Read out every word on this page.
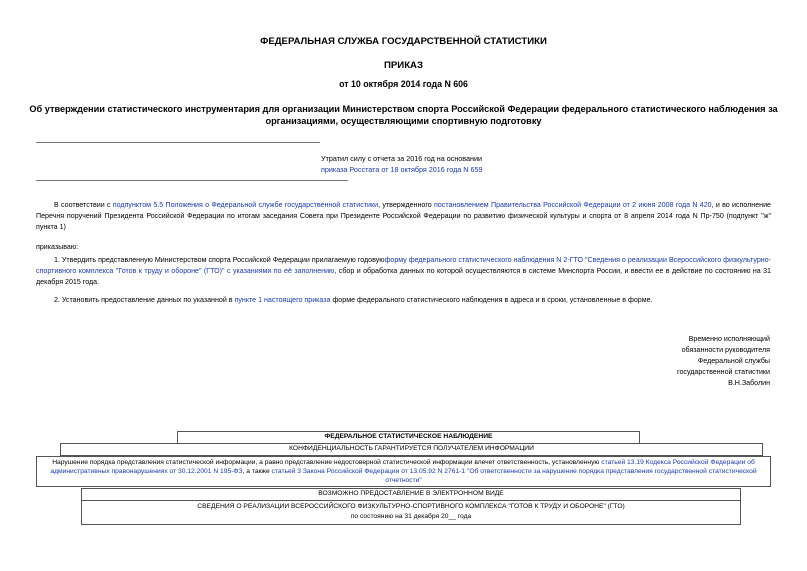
ФЕДЕРАЛЬНАЯ СЛУЖБА ГОСУДАРСТВЕННОЙ СТАТИСТИКИ
ПРИКАЗ
от 10 октября 2014 года N 606
Об утверждении статистического инструментария для организации Министерством спорта Российской Федерации федерального статистического наблюдения за организациями, осуществляющими спортивную подготовку
Утратил силу с отчета за 2016 год на основании
приказа Росстата от 18 октября 2016 года N 659
В соответствии с подпунктом 5.5 Положения о Федеральной службе государственной статистики, утвержденного постановлением Правительства Российской Федерации от 2 июня 2008 года N 420, и во исполнение Перечня поручений Президента Российской Федерации по итогам заседания Совета при Президенте Российской Федерации по развитию физической культуры и спорта от 8 апреля 2014 года N Пр-750 (подпункт "ж" пункта 1)
приказываю:
1. Утвердить представленную Министерством спорта Российской Федерации прилагаемую годовуюформу федерального статистического наблюдения N 2-ГТО "Сведения о реализации Всероссийского физкультурно-спортивного комплекса "Готов к труду и обороне" (ГТО)" с указаниями по её заполнению, сбор и обработка данных по которой осуществляются в системе Минспорта России, и ввести ее в действие по состоянию на 31 декабря 2015 года.
2. Установить предоставление данных по указанной в пункте 1 настоящего приказа форме федерального статистического наблюдения в адреса и в сроки, установленные в форме.
Временно исполняющий
обязанности руководителя
Федеральной службы
государственной статистики
В.Н.Заболин
ФЕДЕРАЛЬНОЕ СТАТИСТИЧЕСКОЕ НАБЛЮДЕНИЕ
КОНФИДЕНЦИАЛЬНОСТЬ ГАРАНТИРУЕТСЯ ПОЛУЧАТЕЛЕМ ИНФОРМАЦИИ
Нарушение порядка представления статистической информации, а равно представление недостоверной статистической информации влечет ответственность, установленную статьей 13.19 Кодекса Российской Федерации об административных правонарушениях от 30.12.2001 N 195-ФЗ, а также статьей 3 Закона Российской Федерации от 13.05.92 N 2761-1 "Об ответственности за нарушение порядка представления государственной статистической отчетности"
ВОЗМОЖНО ПРЕДОСТАВЛЕНИЕ В ЭЛЕКТРОННОМ ВИДЕ
СВЕДЕНИЯ О РЕАЛИЗАЦИИ ВСЕРОССИЙСКОГО ФИЗКУЛЬТУРНО-СПОРТИВНОГО КОМПЛЕКСА "ГОТОВ К ТРУДУ И ОБОРОНЕ" (ГТО)
по состоянию на 31 декабря 20__ года
